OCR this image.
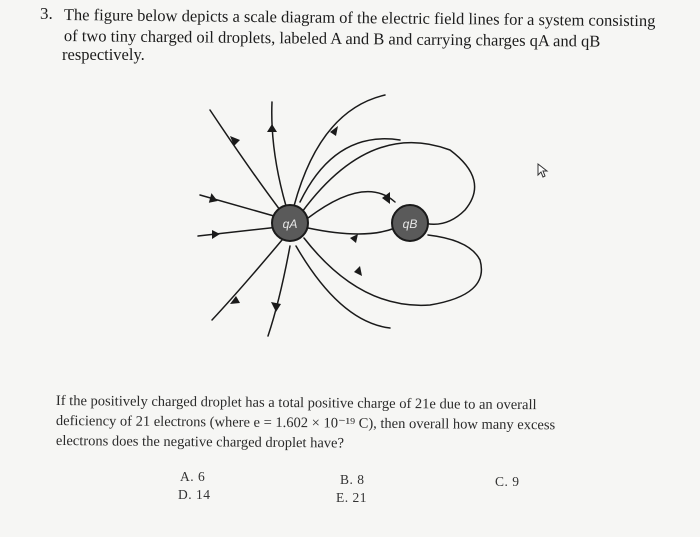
3. The figure below depicts a scale diagram of the electric field lines for a system consisting
of two tiny charged oil droplets, labeled A and B and carrying charges qA and qB
respectively.
qA	qB
If the positively charged droplet has a total positive charge of 21e due to an overall
deficiency of 21 electrons (where e = 1.602 × 10⁻¹⁹ C), then overall how many excess
electrons does the negative charged droplet have?
A. 6
D. 14
B. 8
E. 21
C. 9
